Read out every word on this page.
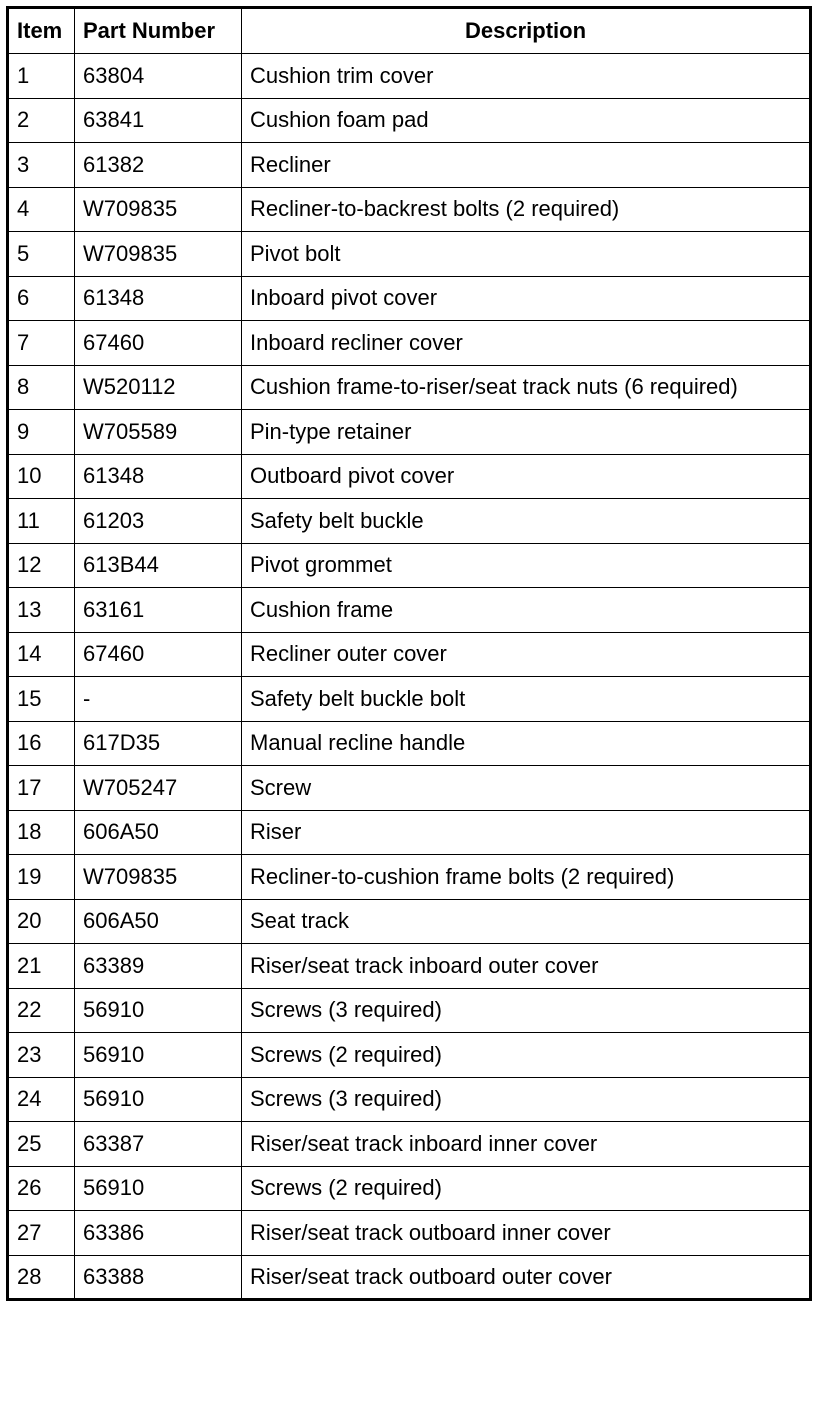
Item	Part Number	Description
1	63804	Cushion trim cover
2	63841	Cushion foam pad
3	61382	Recliner
4	W709835	Recliner-to-backrest bolts (2 required)
5	W709835	Pivot bolt
6	61348	Inboard pivot cover
7	67460	Inboard recliner cover
8	W520112	Cushion frame-to-riser/seat track nuts (6 required)
9	W705589	Pin-type retainer
10	61348	Outboard pivot cover
11	61203	Safety belt buckle
12	613B44	Pivot grommet
13	63161	Cushion frame
14	67460	Recliner outer cover
15	-	Safety belt buckle bolt
16	617D35	Manual recline handle
17	W705247	Screw
18	606A50	Riser
19	W709835	Recliner-to-cushion frame bolts (2 required)
20	606A50	Seat track
21	63389	Riser/seat track inboard outer cover
22	56910	Screws (3 required)
23	56910	Screws (2 required)
24	56910	Screws (3 required)
25	63387	Riser/seat track inboard inner cover
26	56910	Screws (2 required)
27	63386	Riser/seat track outboard inner cover
28	63388	Riser/seat track outboard outer cover
